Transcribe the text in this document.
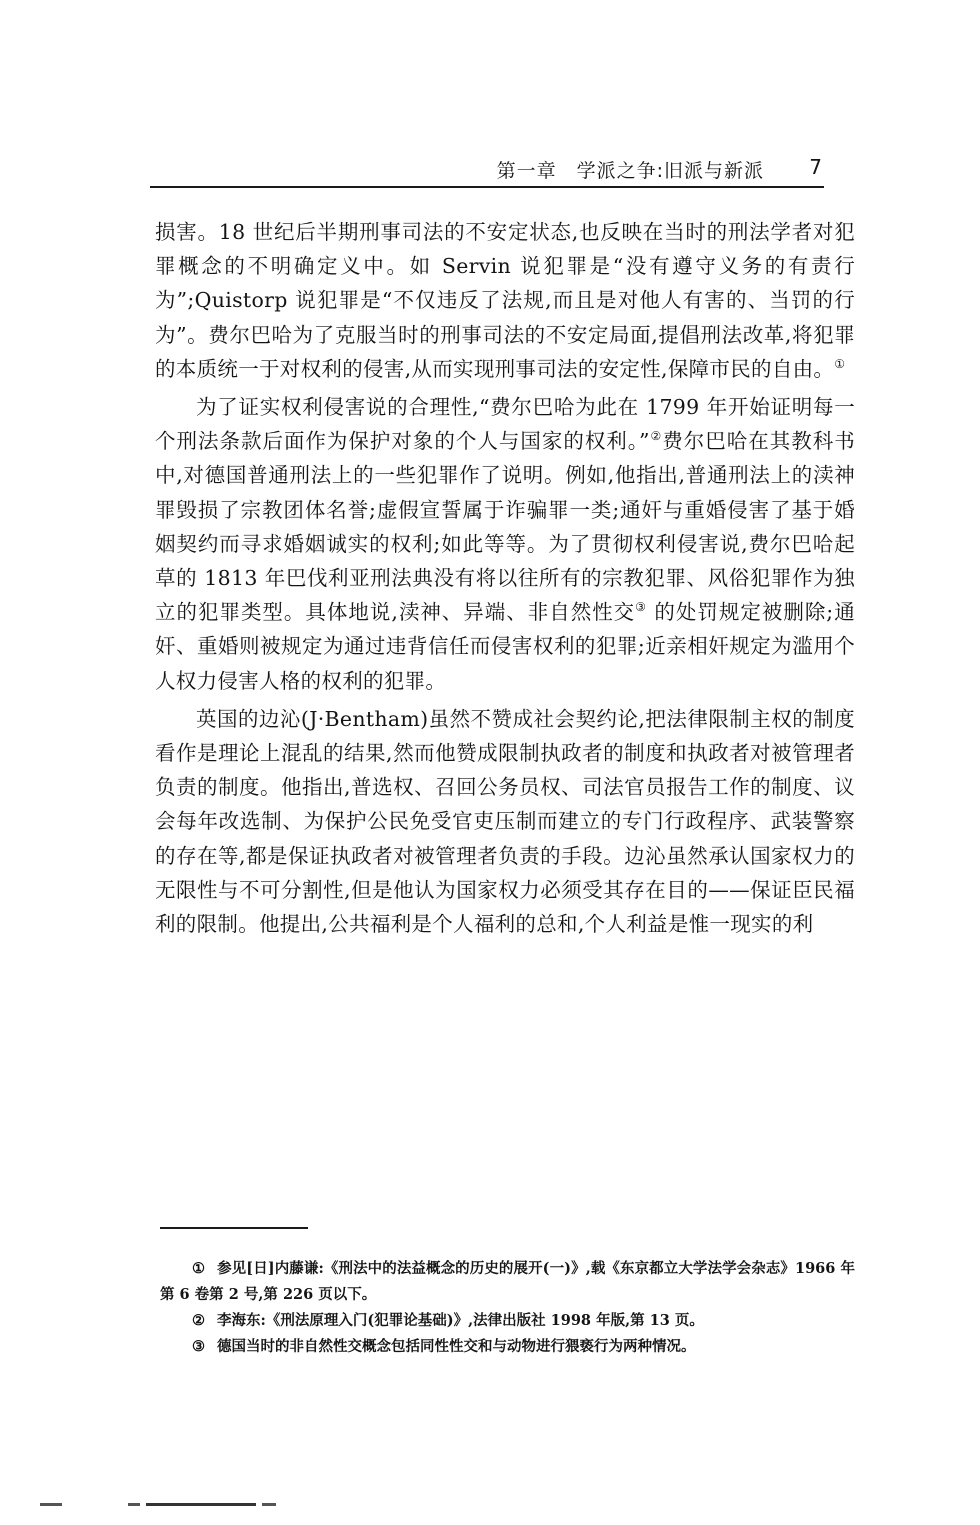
第一章　学派之争:旧派与新派 7

损害。18 世纪后半期刑事司法的不安定状态,也反映在当时的刑法学者对犯罪概念的不明确定义中。如 Servin 说犯罪是“没有遵守义务的有责行为”;Quistorp 说犯罪是“不仅违反了法规,而且是对他人有害的、当罚的行为”。费尔巴哈为了克服当时的刑事司法的不安定局面,提倡刑法改革,将犯罪的本质统一于对权利的侵害,从而实现刑事司法的安定性,保障市民的自由。①

为了证实权利侵害说的合理性,“费尔巴哈为此在 1799 年开始证明每一个刑法条款后面作为保护对象的个人与国家的权利。”②费尔巴哈在其教科书中,对德国普通刑法上的一些犯罪作了说明。例如,他指出,普通刑法上的渎神罪毁损了宗教团体名誉;虚假宣誓属于诈骗罪一类;通奸与重婚侵害了基于婚姻契约而寻求婚姻诚实的权利;如此等等。为了贯彻权利侵害说,费尔巴哈起草的 1813 年巴伐利亚刑法典没有将以往所有的宗教犯罪、风俗犯罪作为独立的犯罪类型。具体地说,渎神、异端、非自然性交③ 的处罚规定被删除;通奸、重婚则被规定为通过违背信任而侵害权利的犯罪;近亲相奸规定为滥用个人权力侵害人格的权利的犯罪。

英国的边沁(J·Bentham)虽然不赞成社会契约论,把法律限制主权的制度看作是理论上混乱的结果,然而他赞成限制执政者的制度和执政者对被管理者负责的制度。他指出,普选权、召回公务员权、司法官员报告工作的制度、议会每年改选制、为保护公民免受官吏压制而建立的专门行政程序、武装警察的存在等,都是保证执政者对被管理者负责的手段。边沁虽然承认国家权力的无限性与不可分割性,但是他认为国家权力必须受其存在目的——保证臣民福利的限制。他提出,公共福利是个人福利的总和,个人利益是惟一现实的利

① 参见[日]内藤谦:《刑法中的法益概念的历史的展开(一)》,载《东京都立大学法学会杂志》1966 年第 6 卷第 2 号,第 226 页以下。

② 李海东:《刑法原理入门(犯罪论基础)》,法律出版社 1998 年版,第 13 页。

③ 德国当时的非自然性交概念包括同性性交和与动物进行猥亵行为两种情况。
